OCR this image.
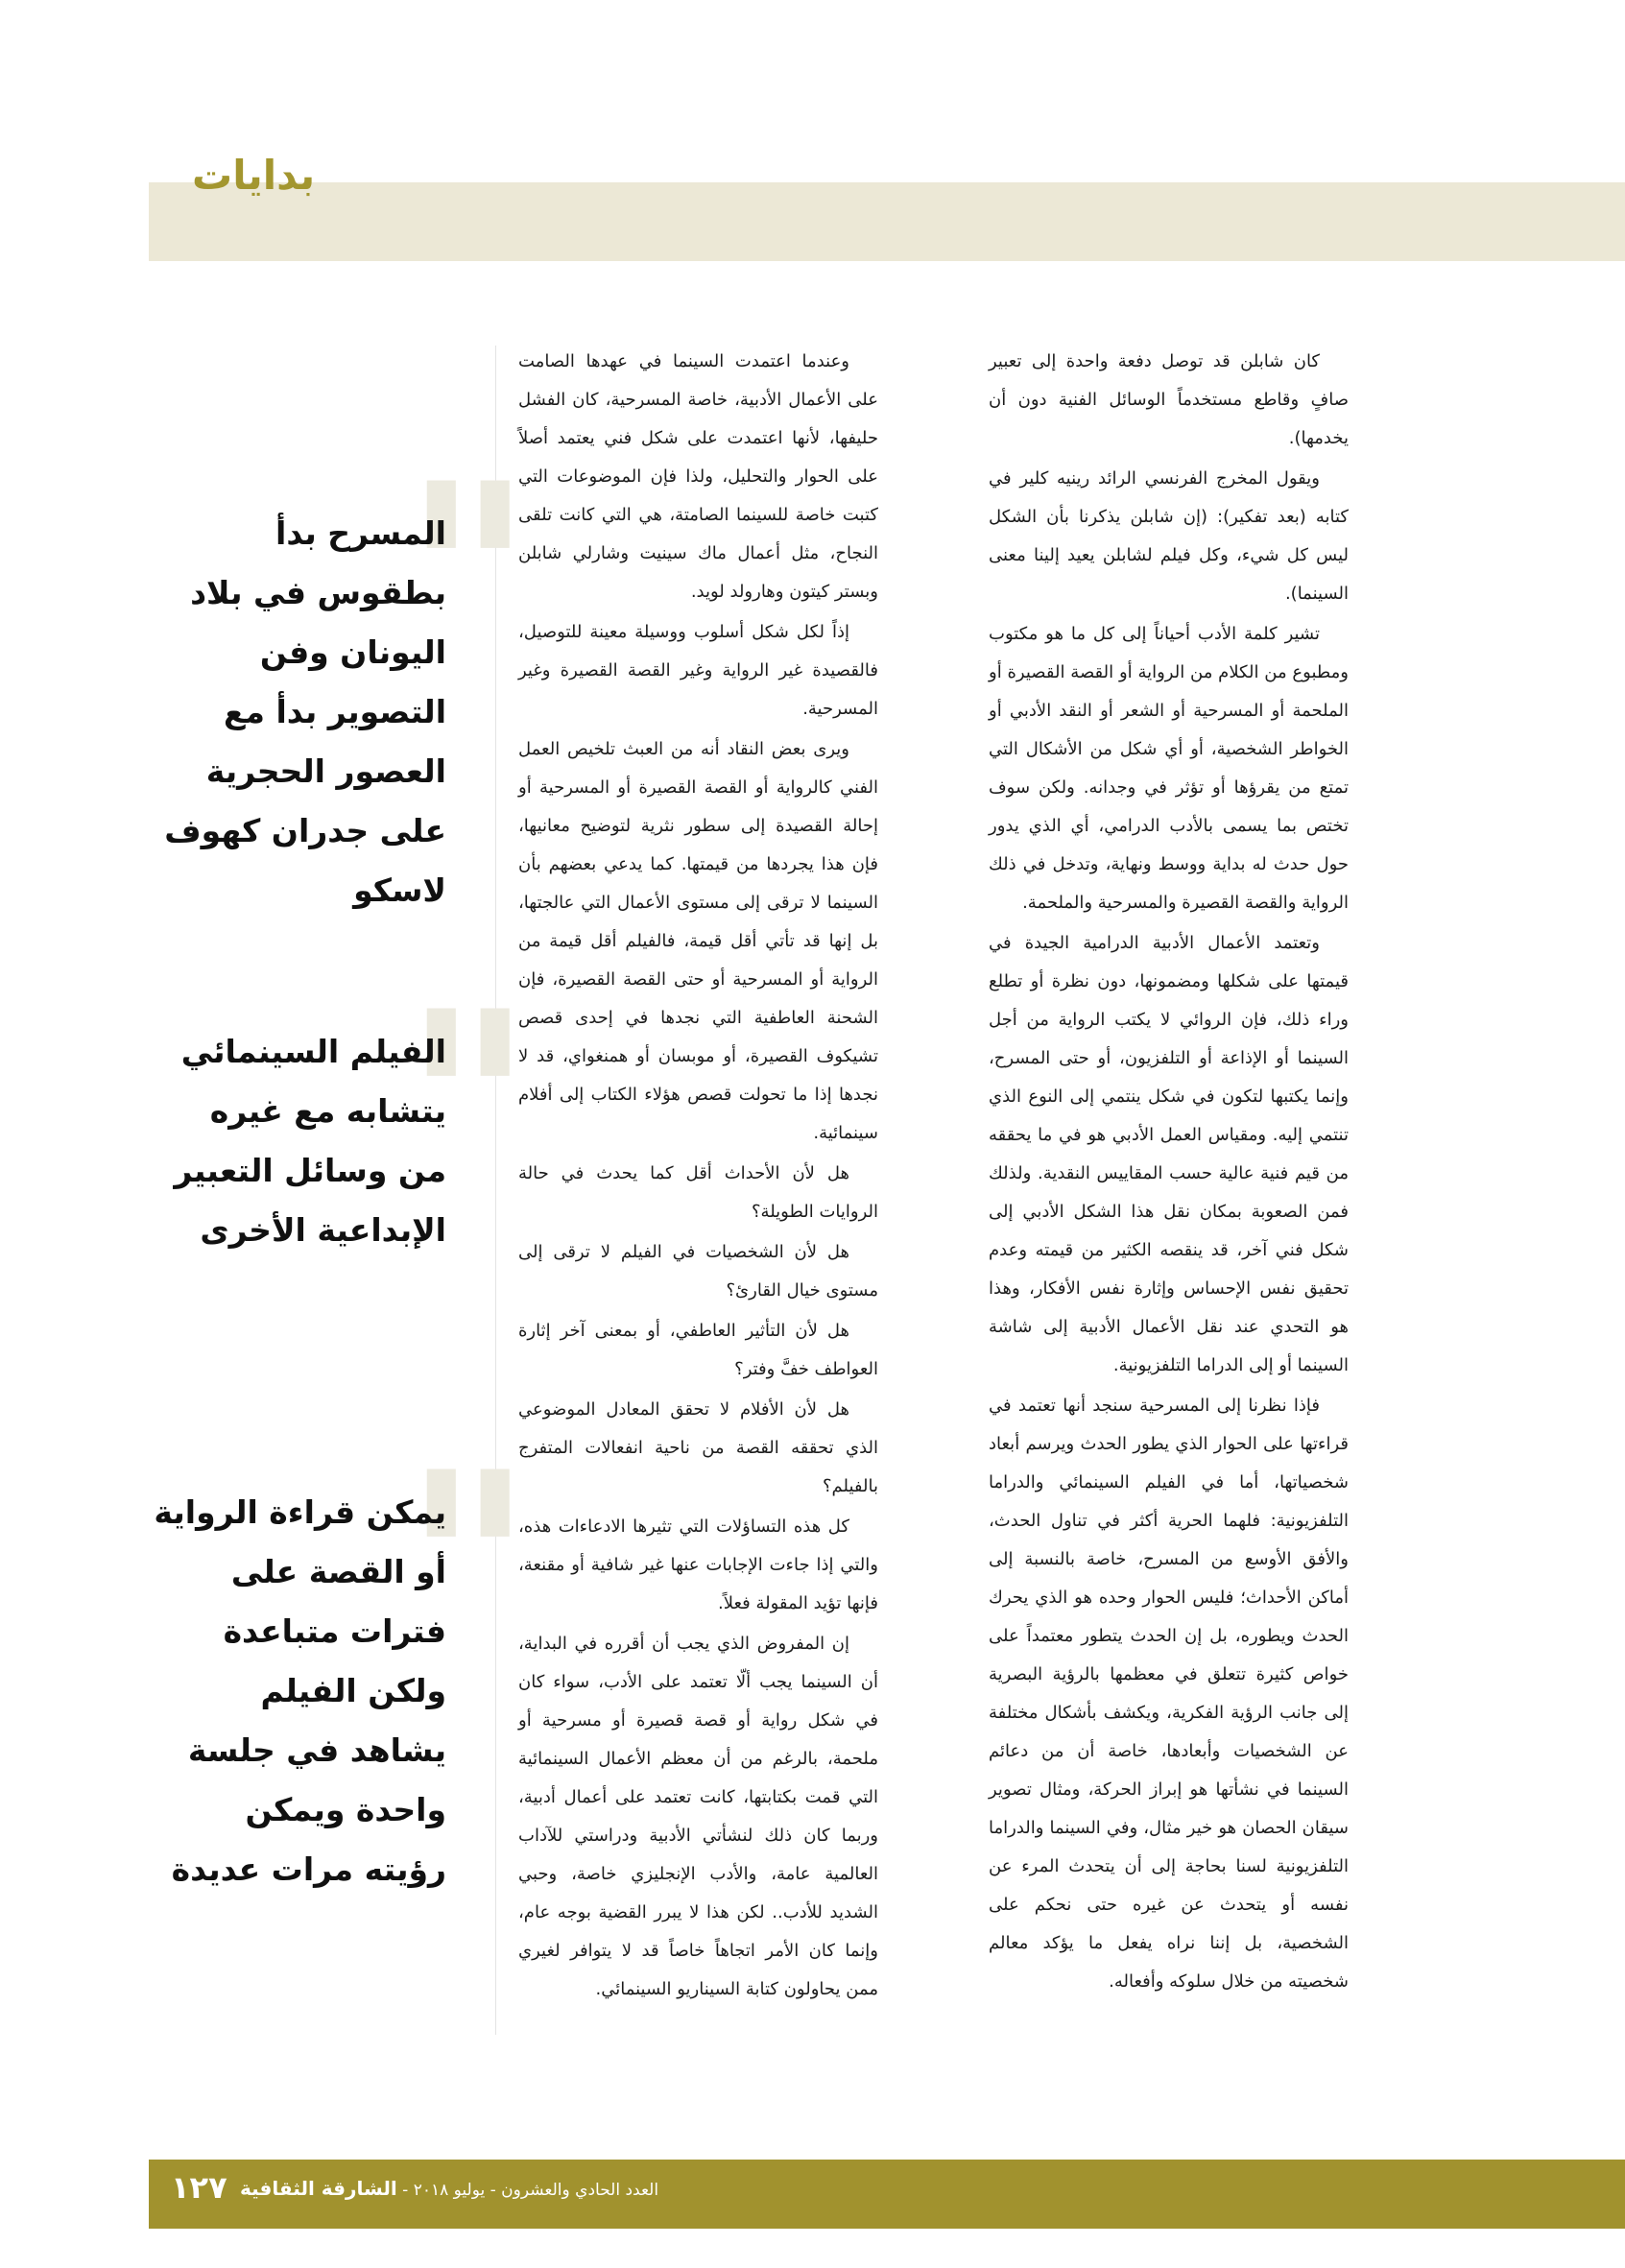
بدايات

كان شابلن قد توصل دفعة واحدة إلى تعبير صافٍ وقاطع مستخدماً الوسائل الفنية دون أن يخدمها).

ويقول المخرج الفرنسي الرائد رينيه كلير في كتابه (بعد تفكير): (إن شابلن يذكرنا بأن الشكل ليس كل شيء، وكل فيلم لشابلن يعيد إلينا معنى السينما).

تشير كلمة الأدب أحياناً إلى كل ما هو مكتوب ومطبوع من الكلام من الرواية أو القصة القصيرة أو الملحمة أو المسرحية أو الشعر أو النقد الأدبي أو الخواطر الشخصية، أو أي شكل من الأشكال التي تمتع من يقرؤها أو تؤثر في وجدانه. ولكن سوف تختص بما يسمى بالأدب الدرامي، أي الذي يدور حول حدث له بداية ووسط ونهاية، وتدخل في ذلك الرواية والقصة القصيرة والمسرحية والملحمة.

وتعتمد الأعمال الأدبية الدرامية الجيدة في قيمتها على شكلها ومضمونها، دون نظرة أو تطلع وراء ذلك، فإن الروائي لا يكتب الرواية من أجل السينما أو الإذاعة أو التلفزيون، أو حتى المسرح، وإنما يكتبها لتكون في شكل ينتمي إلى النوع الذي تنتمي إليه. ومقياس العمل الأدبي هو في ما يحققه من قيم فنية عالية حسب المقاييس النقدية. ولذلك فمن الصعوبة بمكان نقل هذا الشكل الأدبي إلى شكل فني آخر، قد ينقصه الكثير من قيمته وعدم تحقيق نفس الإحساس وإثارة نفس الأفكار، وهذا هو التحدي عند نقل الأعمال الأدبية إلى شاشة السينما أو إلى الدراما التلفزيونية.

فإذا نظرنا إلى المسرحية سنجد أنها تعتمد في قراءتها على الحوار الذي يطور الحدث ويرسم أبعاد شخصياتها، أما في الفيلم السينمائي والدراما التلفزيونية: فلهما الحرية أكثر في تناول الحدث، والأفق الأوسع من المسرح، خاصة بالنسبة إلى أماكن الأحداث؛ فليس الحوار وحده هو الذي يحرك الحدث ويطوره، بل إن الحدث يتطور معتمداً على خواص كثيرة تتعلق في معظمها بالرؤية البصرية إلى جانب الرؤية الفكرية، ويكشف بأشكال مختلفة عن الشخصيات وأبعادها، خاصة أن من دعائم السينما في نشأتها هو إبراز الحركة، ومثال تصوير سيقان الحصان هو خير مثال، وفي السينما والدراما التلفزيونية لسنا بحاجة إلى أن يتحدث المرء عن نفسه أو يتحدث عن غيره حتى نحكم على الشخصية، بل إننا نراه يفعل ما يؤكد معالم شخصيته من خلال سلوكه وأفعاله.

وعندما اعتمدت السينما في عهدها الصامت على الأعمال الأدبية، خاصة المسرحية، كان الفشل حليفها، لأنها اعتمدت على شكل فني يعتمد أصلاً على الحوار والتحليل، ولذا فإن الموضوعات التي كتبت خاصة للسينما الصامتة، هي التي كانت تلقى النجاح، مثل أعمال ماك سينيت وشارلي شابلن وبستر كيتون وهارولد لويد.

إذاً لكل شكل أسلوب ووسيلة معينة للتوصيل، فالقصيدة غير الرواية وغير القصة القصيرة وغير المسرحية.

ويرى بعض النقاد أنه من العبث تلخيص العمل الفني كالرواية أو القصة القصيرة أو المسرحية أو إحالة القصيدة إلى سطور نثرية لتوضيح معانيها، فإن هذا يجردها من قيمتها. كما يدعي بعضهم بأن السينما لا ترقى إلى مستوى الأعمال التي عالجتها، بل إنها قد تأتي أقل قيمة، فالفيلم أقل قيمة من الرواية أو المسرحية أو حتى القصة القصيرة، فإن الشحنة العاطفية التي نجدها في إحدى قصص تشيكوف القصيرة، أو موبسان أو همنغواي، قد لا نجدها إذا ما تحولت قصص هؤلاء الكتاب إلى أفلام سينمائية.

هل لأن الأحداث أقل كما يحدث في حالة الروايات الطويلة؟

هل لأن الشخصيات في الفيلم لا ترقى إلى مستوى خيال القارئ؟

هل لأن التأثير العاطفي، أو بمعنى آخر إثارة العواطف خفَّ وفتر؟

هل لأن الأفلام لا تحقق المعادل الموضوعي الذي تحققه القصة من ناحية انفعالات المتفرج بالفيلم؟

كل هذه التساؤلات التي تثيرها الادعاءات هذه، والتي إذا جاءت الإجابات عنها غير شافية أو مقنعة، فإنها تؤيد المقولة فعلاً.

إن المفروض الذي يجب أن أقرره في البداية، أن السينما يجب ألّا تعتمد على الأدب، سواء كان في شكل رواية أو قصة قصيرة أو مسرحية أو ملحمة، بالرغم من أن معظم الأعمال السينمائية التي قمت بكتابتها، كانت تعتمد على أعمال أدبية، وربما كان ذلك لنشأتي الأدبية ودراستي للآداب العالمية عامة، والأدب الإنجليزي خاصة، وحبي الشديد للأدب.. لكن هذا لا يبرر القضية بوجه عام، وإنما كان الأمر اتجاهاً خاصاً قد لا يتوافر لغيري ممن يحاولون كتابة السيناريو السينمائي.

"
المسرح بدأ بطقوس في بلاد اليونان وفن التصوير بدأ مع العصور الحجرية على جدران كهوف لاسكو
"
الفيلم السينمائي يتشابه مع غيره من وسائل التعبير الإبداعية الأخرى
"
يمكن قراءة الرواية أو القصة على فترات متباعدة ولكن الفيلم يشاهد في جلسة واحدة ويمكن رؤيته مرات عديدة
١٢٧	العدد الحادي والعشرون - يوليو ٢٠١٨ - الشارقة الثقافية
